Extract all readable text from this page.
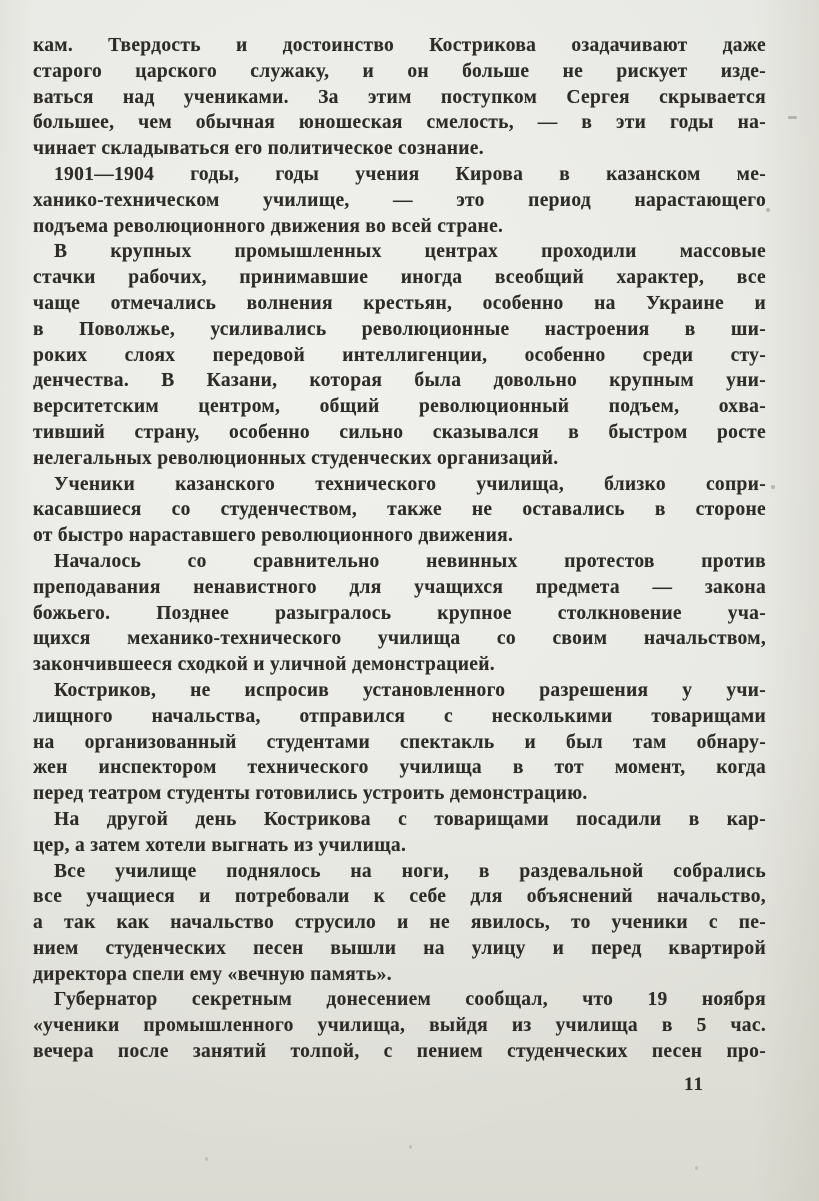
кам. Твердость и достоинство Кострикова озадачивают даже
старого царского служаку, и он больше не рискует изде-
ваться над учениками. За этим поступком Сергея скрывается
большее, чем обычная юношеская смелость, — в эти годы на-
чинает складываться его политическое сознание.
1901—1904 годы, годы учения Кирова в казанском ме-
ханико-техническом училище, — это период нарастающего
подъема революционного движения во всей стране.
В крупных промышленных центрах проходили массовые
стачки рабочих, принимавшие иногда всеобщий характер, все
чаще отмечались волнения крестьян, особенно на Украине и
в Поволжье, усиливались революционные настроения в ши-
роких слоях передовой интеллигенции, особенно среди сту-
денчества. В Казани, которая была довольно крупным уни-
верситетским центром, общий революционный подъем, охва-
тивший страну, особенно сильно сказывался в быстром росте
нелегальных революционных студенческих организаций.
Ученики казанского технического училища, близко сопри-
касавшиеся со студенчеством, также не оставались в стороне
от быстро нараставшего революционного движения.
Началось со сравнительно невинных протестов против
преподавания ненавистного для учащихся предмета — закона
божьего. Позднее разыгралось крупное столкновение уча-
щихся механико-технического училища со своим начальством,
закончившееся сходкой и уличной демонстрацией.
Костриков, не испросив установленного разрешения у учи-
лищного начальства, отправился с несколькими товарищами
на организованный студентами спектакль и был там обнару-
жен инспектором технического училища в тот момент, когда
перед театром студенты готовились устроить демонстрацию.
На другой день Кострикова с товарищами посадили в кар-
цер, а затем хотели выгнать из училища.
Все училище поднялось на ноги, в раздевальной собрались
все учащиеся и потребовали к себе для объяснений начальство,
а так как начальство струсило и не явилось, то ученики с пе-
нием студенческих песен вышли на улицу и перед квартирой
директора спели ему «вечную память».
Губернатор секретным донесением сообщал, что 19 ноября
«ученики промышленного училища, выйдя из училища в 5 час.
вечера после занятий толпой, с пением студенческих песен про-
11
